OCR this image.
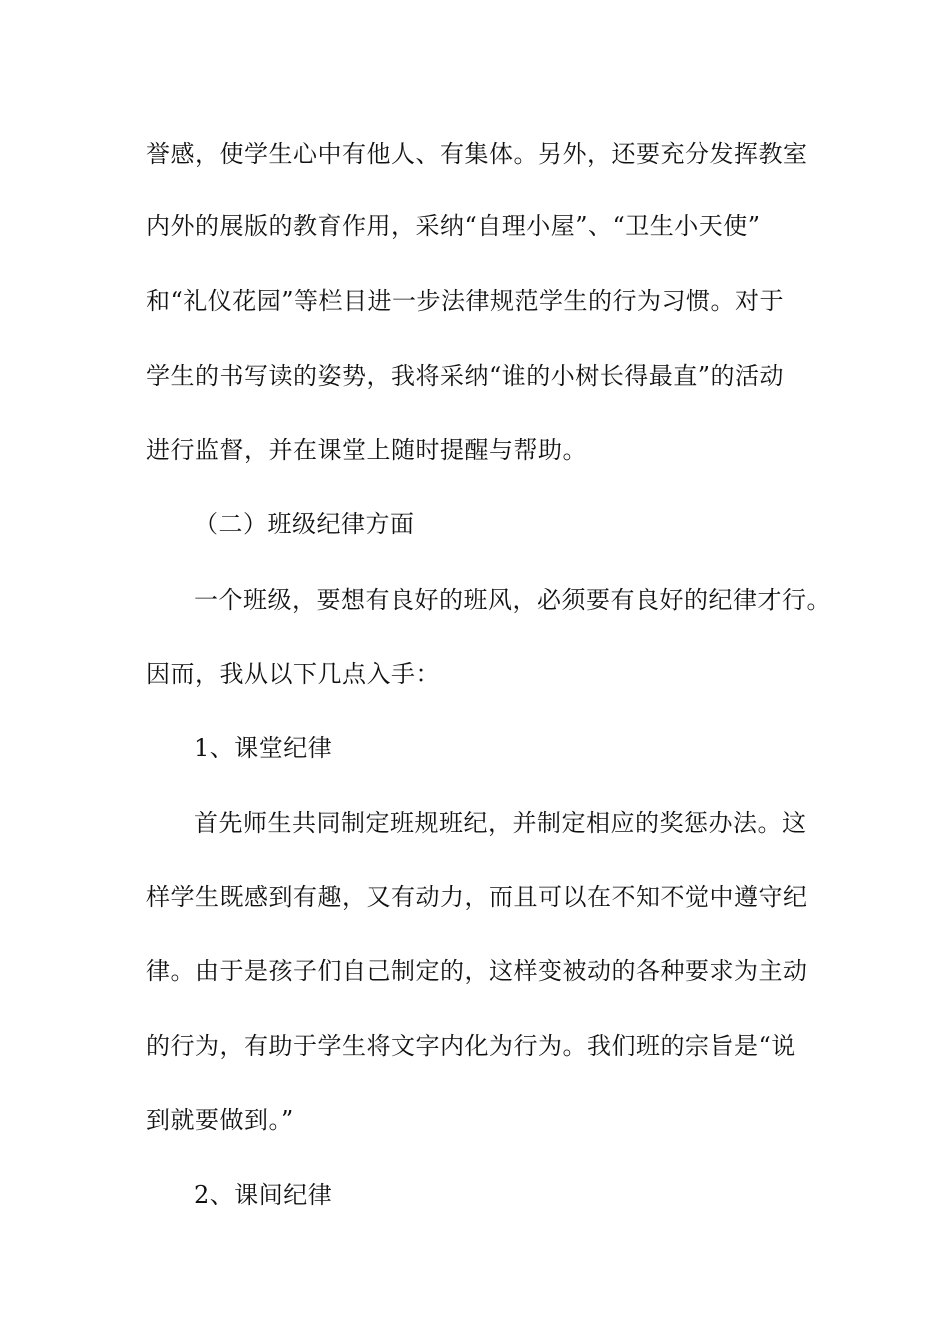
誉感，使学生心中有他人、有集体。另外，还要充分发挥教室
内外的展版的教育作用，采纳“自理小屋”、“卫生小天使”
和“礼仪花园”等栏目进一步法律规范学生的行为习惯。对于
学生的书写读的姿势，我将采纳“谁的小树长得最直”的活动
进行监督，并在课堂上随时提醒与帮助。
（二）班级纪律方面
一个班级，要想有良好的班风，必须要有良好的纪律才行。
因而，我从以下几点入手：
1、课堂纪律
首先师生共同制定班规班纪，并制定相应的奖惩办法。这
样学生既感到有趣，又有动力，而且可以在不知不觉中遵守纪
律。由于是孩子们自己制定的，这样变被动的各种要求为主动
的行为，有助于学生将文字内化为行为。我们班的宗旨是“说
到就要做到。”
2、课间纪律
